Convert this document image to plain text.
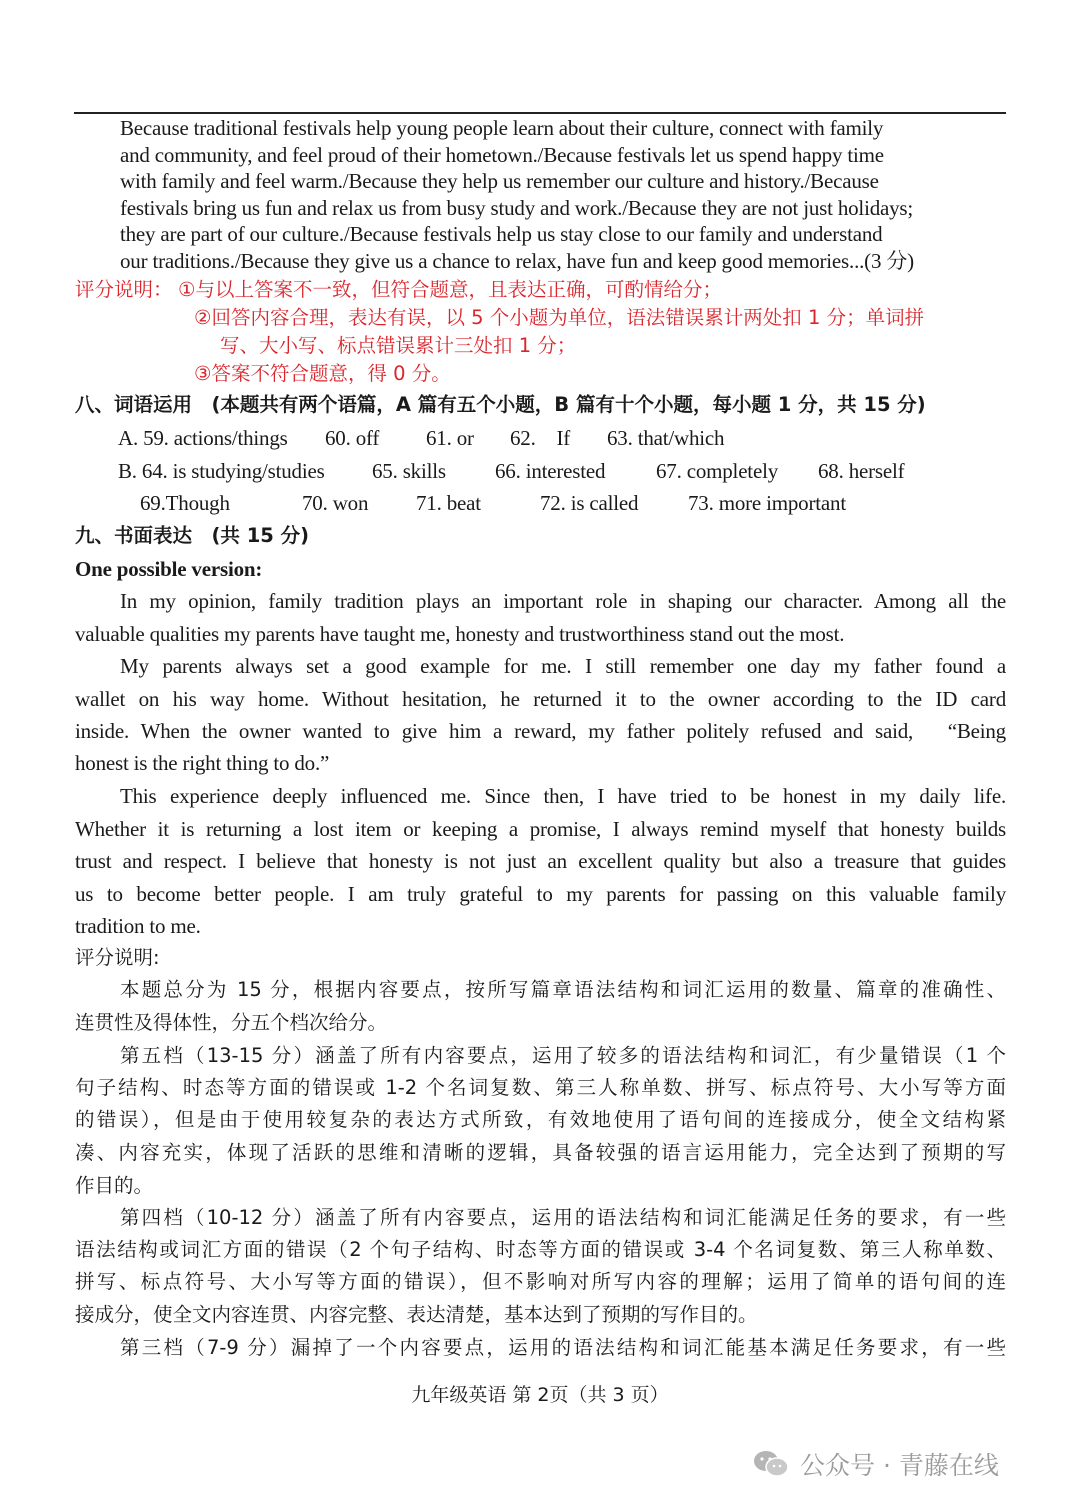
Because traditional festivals help young people learn about their culture, connect with family
and community, and feel proud of their hometown./Because festivals let us spend happy time
with family and feel warm./Because they help us remember our culture and history./Because
festivals bring us fun and relax us from busy study and work./Because they are not just holidays;
they are part of our culture./Because festivals help us stay close to our family and understand
our traditions./Because they give us a chance to relax, have fun and keep good memories...(3 分)
评分说明： ①与以上答案不一致，但符合题意，且表达正确，可酌情给分；
②回答内容合理，表达有误，以 5 个小题为单位，语法错误累计两处扣 1 分；单词拼
写、大小写、标点错误累计三处扣 1 分；
③答案不符合题意，得 0 分。
八、词语运用　(本题共有两个语篇，A 篇有五个小题，B 篇有十个小题，每小题 1 分，共 15 分)
A. 59. actions/things 60. off 61. or 62.　If 63. that/which
B. 64. is studying/studies 65. skills 66. interested 67. completely 68. herself
69.Though	70. won 71. beat	72. is called 73. more important
九、书面表达　(共 15 分)
One possible version:
In my opinion, family tradition plays an important role in shaping our character. Among all the
valuable qualities my parents have taught me, honesty and trustworthiness stand out the most.
My parents always set a good example for me. I still remember one day my father found a
wallet on his way home. Without hesitation, he returned it to the owner according to the ID card
inside. When the owner wanted to give him a reward, my father politely refused and said,　“Being
honest is the right thing to do.”
This experience deeply influenced me. Since then, I have tried to be honest in my daily life.
Whether it is returning a lost item or keeping a promise, I always remind myself that honesty builds
trust and respect. I believe that honesty is not just an excellent quality but also a treasure that guides
us to become better people. I am truly grateful to my parents for passing on this valuable family
tradition to me.
评分说明:
本题总分为 15 分，根据内容要点，按所写篇章语法结构和词汇运用的数量、篇章的准确性、
连贯性及得体性，分五个档次给分。
第五档（13-15 分）涵盖了所有内容要点，运用了较多的语法结构和词汇，有少量错误（1 个
句子结构、时态等方面的错误或 1-2 个名词复数、第三人称单数、拼写、标点符号、大小写等方面
的错误），但是由于使用较复杂的表达方式所致，有效地使用了语句间的连接成分，使全文结构紧
凑、内容充实，体现了活跃的思维和清晰的逻辑，具备较强的语言运用能力，完全达到了预期的写
作目的。
第四档（10-12 分）涵盖了所有内容要点，运用的语法结构和词汇能满足任务的要求，有一些
语法结构或词汇方面的错误（2 个句子结构、时态等方面的错误或 3-4 个名词复数、第三人称单数、
拼写、标点符号、大小写等方面的错误），但不影响对所写内容的理解；运用了简单的语句间的连
接成分，使全文内容连贯、内容完整、表达清楚，基本达到了预期的写作目的。
第三档（7-9 分）漏掉了一个内容要点，运用的语法结构和词汇能基本满足任务要求，有一些
九年级英语 第 2页（共 3 页）
公众号 · 青藤在线
